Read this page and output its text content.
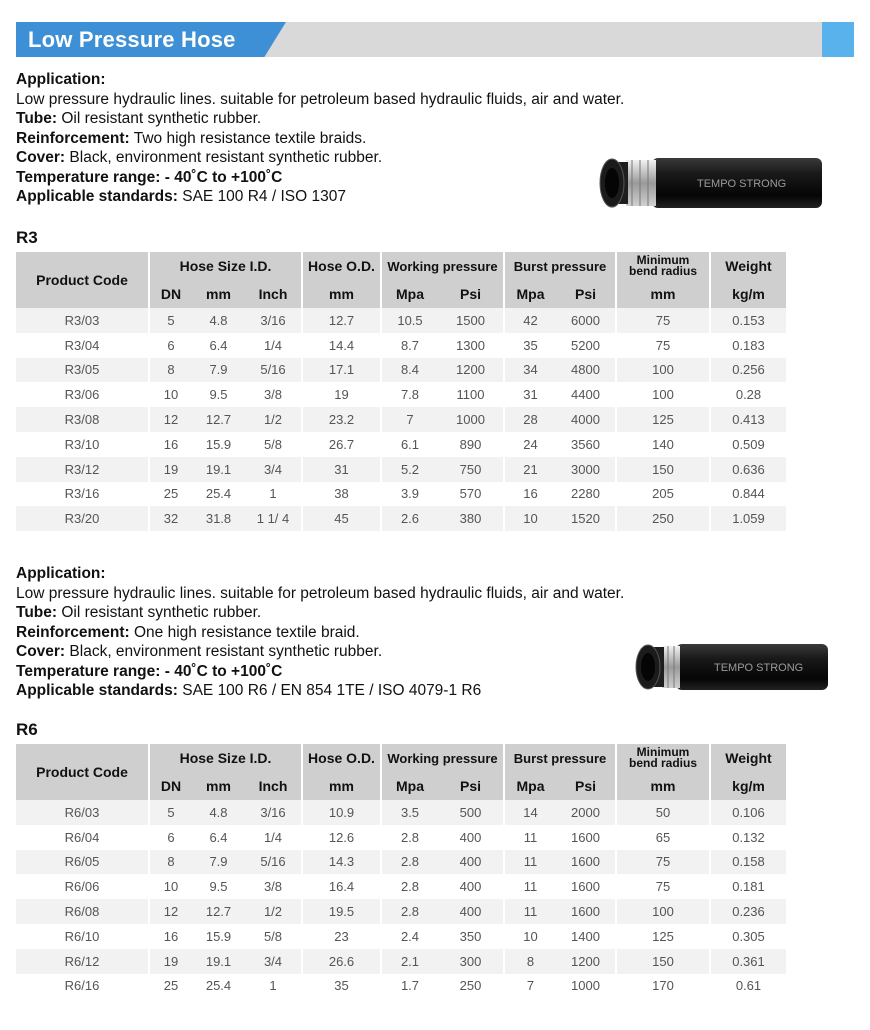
Low Pressure Hose
Application:
Low pressure hydraulic lines. suitable for petroleum based hydraulic fluids, air and water.
Tube: Oil resistant synthetic rubber.
Reinforcement: Two high resistance textile braids.
Cover: Black, environment resistant synthetic rubber.
Temperature range: - 40˚C to +100˚C
Applicable standards: SAE 100 R4 / ISO 1307
TEMPO STRONG
R3
Product Code	Hose Size I.D.			Hose O.D.	Working pressure		Burst pressure		Minimum
bend radius	Weight
	DN	mm	Inch	mm	Mpa	Psi	Mpa	Psi	mm	kg/m
R3/03	5	4.8	3/16	12.7	10.5	1500	42	6000	75	0.153
R3/04	6	6.4	1/4	14.4	8.7	1300	35	5200	75	0.183
R3/05	8	7.9	5/16	17.1	8.4	1200	34	4800	100	0.256
R3/06	10	9.5	3/8	19	7.8	1100	31	4400	100	0.28
R3/08	12	12.7	1/2	23.2	7	1000	28	4000	125	0.413
R3/10	16	15.9	5/8	26.7	6.1	890	24	3560	140	0.509
R3/12	19	19.1	3/4	31	5.2	750	21	3000	150	0.636
R3/16	25	25.4	1	38	3.9	570	16	2280	205	0.844
R3/20	32	31.8	1 1/ 4	45	2.6	380	10	1520	250	1.059
Application:
Low pressure hydraulic lines. suitable for petroleum based hydraulic fluids, air and water.
Tube: Oil resistant synthetic rubber.
Reinforcement: One high resistance textile braid.
Cover: Black, environment resistant synthetic rubber.
Temperature range: - 40˚C to +100˚C
Applicable standards: SAE 100 R6 / EN 854 1TE / ISO 4079-1 R6
TEMPO STRONG
R6
Product Code	Hose Size I.D.			Hose O.D.	Working pressure		Burst pressure		Minimum
bend radius	Weight
	DN	mm	Inch	mm	Mpa	Psi	Mpa	Psi	mm	kg/m
R6/03	5	4.8	3/16	10.9	3.5	500	14	2000	50	0.106
R6/04	6	6.4	1/4	12.6	2.8	400	11	1600	65	0.132
R6/05	8	7.9	5/16	14.3	2.8	400	11	1600	75	0.158
R6/06	10	9.5	3/8	16.4	2.8	400	11	1600	75	0.181
R6/08	12	12.7	1/2	19.5	2.8	400	11	1600	100	0.236
R6/10	16	15.9	5/8	23	2.4	350	10	1400	125	0.305
R6/12	19	19.1	3/4	26.6	2.1	300	8	1200	150	0.361
R6/16	25	25.4	1	35	1.7	250	7	1000	170	0.61
